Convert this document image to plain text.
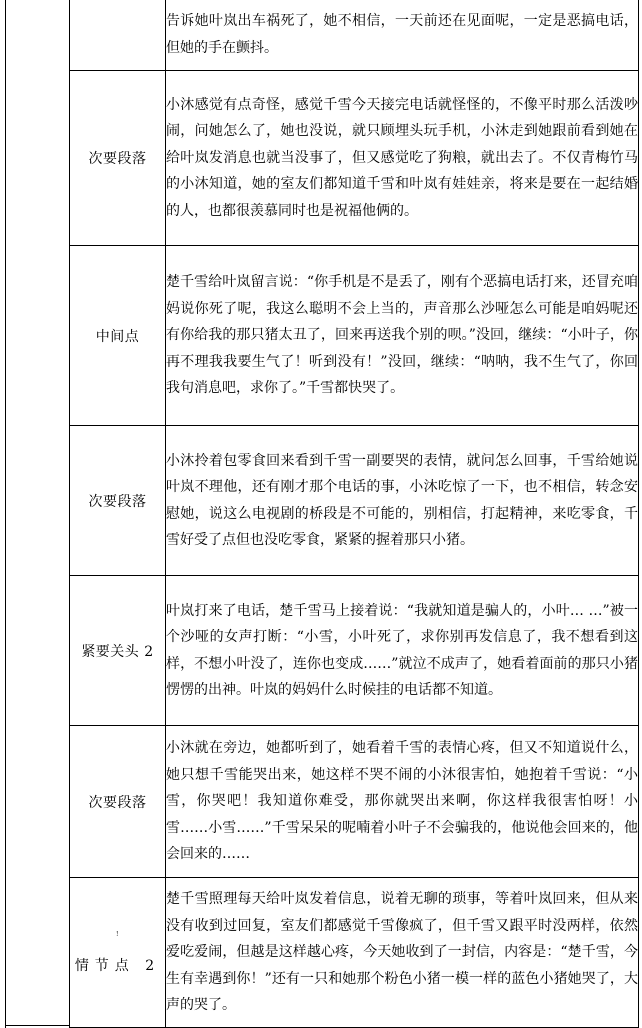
	告诉她叶岚出车祸死了，她不相信，一天前还在见面呢，一定是恶搞电话，但她的手在颤抖。
次要段落	小沐感觉有点奇怪，感觉千雪今天接完电话就怪怪的，不像平时那么活泼吵闹，问她怎么了，她也没说，就只顾埋头玩手机，小沐走到她跟前看到她在给叶岚发消息也就当没事了，但又感觉吃了狗粮，就出去了。不仅青梅竹马的小沐知道，她的室友们都知道千雪和叶岚有娃娃亲，将来是要在一起结婚的人，也都很羡慕同时也是祝福他俩的。
中间点	楚千雪给叶岚留言说：“你手机是不是丢了，刚有个恶搞电话打来，还冒充咱妈说你死了呢，我这么聪明不会上当的，声音那么沙哑怎么可能是咱妈呢还有你给我的那只猪太丑了，回来再送我个别的呗。”没回，继续：“小叶子，你再不理我我要生气了！听到没有！”没回，继续：“呐呐，我不生气了，你回我句消息吧，求你了。”千雪都快哭了。
次要段落	小沐拎着包零食回来看到千雪一副要哭的表情，就问怎么回事，千雪给她说叶岚不理他，还有刚才那个电话的事，小沐吃惊了一下，也不相信，转念安慰她，说这么电视剧的桥段是不可能的，别相信，打起精神，来吃零食，千雪好受了点但也没吃零食，紧紧的握着那只小猪。
紧要关头 2	叶岚打来了电话，楚千雪马上接着说：“我就知道是骗人的，小叶… …”被一个沙哑的女声打断：“小雪，小叶死了，求你别再发信息了，我不想看到这样，不想小叶没了，连你也变成……”就泣不成声了，她看着面前的那只小猪愣愣的出神。叶岚的妈妈什么时候挂的电话都不知道。
次要段落	小沐就在旁边，她都听到了，她看着千雪的表情心疼，但又不知道说什么，她只想千雪能哭出来，她这样不哭不闹的小沐很害怕，她抱着千雪说：“小雪，你哭吧！我知道你难受，那你就哭出来啊，你这样我很害怕呀！小雪……小雪……”千雪呆呆的呢喃着小叶子不会骗我的，他说他会回来的，他会回来的……

!
情节点 2	楚千雪照理每天给叶岚发着信息，说着无聊的琐事，等着叶岚回来，但从来没有收到过回复，室友们都感觉千雪像疯了，但千雪又跟平时没两样，依然爱吃爱闹，但越是这样越心疼，今天她收到了一封信，内容是：“楚千雪，今生有幸遇到你！”还有一只和她那个粉色小猪一模一样的蓝色小猪她哭了，大声的哭了。
